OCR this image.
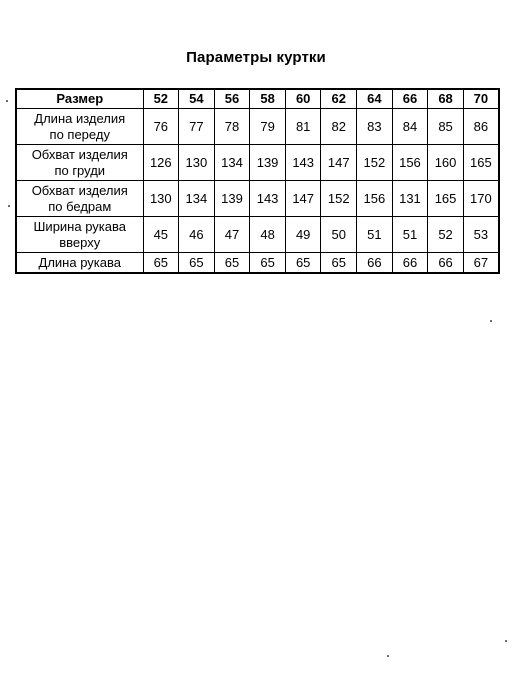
Параметры куртки
Размер	52	54	56	58	60	62	64	66	68	70

Длина изделия
по переду	76	77	78	79	81	82	83	84	85	86

Обхват изделия
по груди	126	130	134	139	143	147	152	156	160	165

Обхват изделия
по бедрам	130	134	139	143	147	152	156	131	165	170

Ширина рукава
вверху	45	46	47	48	49	50	51	51	52	53

Длина рукава	65	65	65	65	65	65	66	66	66	67
